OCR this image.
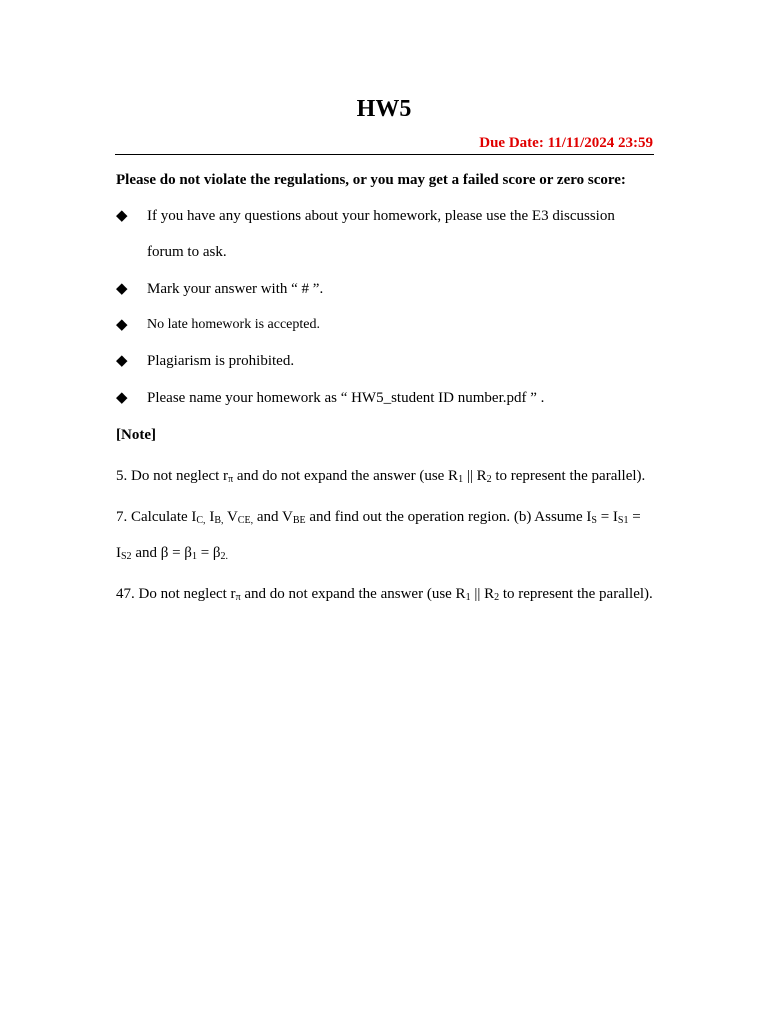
HW5
Due Date: 11/11/2024 23:59
Please do not violate the regulations, or you may get a failed score or zero score:
◆ If you have any questions about your homework, please use the E3 discussion
forum to ask.
◆ Mark your answer with “ # ”.
◆ No late homework is accepted.
◆ Plagiarism is prohibited.
◆ Please name your homework as “ HW5_student ID number.pdf ” .
[Note]
5. Do not neglect $r_\pi$ and do not expand the answer (use $R_1$ || $R_2$ to represent the parallel).
7. Calculate $I_{C,}$ $I_{B,}$ $V_{CE,}$ and $V_{BE}$ and find out the operation region. (b) Assume $I_S = I_{S1}$ =
$I_{S2}$ and $\beta = \beta_1 = \beta_{2.}$
47. Do not neglect $r_\pi$ and do not expand the answer (use $R_1$ || $R_2$ to represent the parallel).
